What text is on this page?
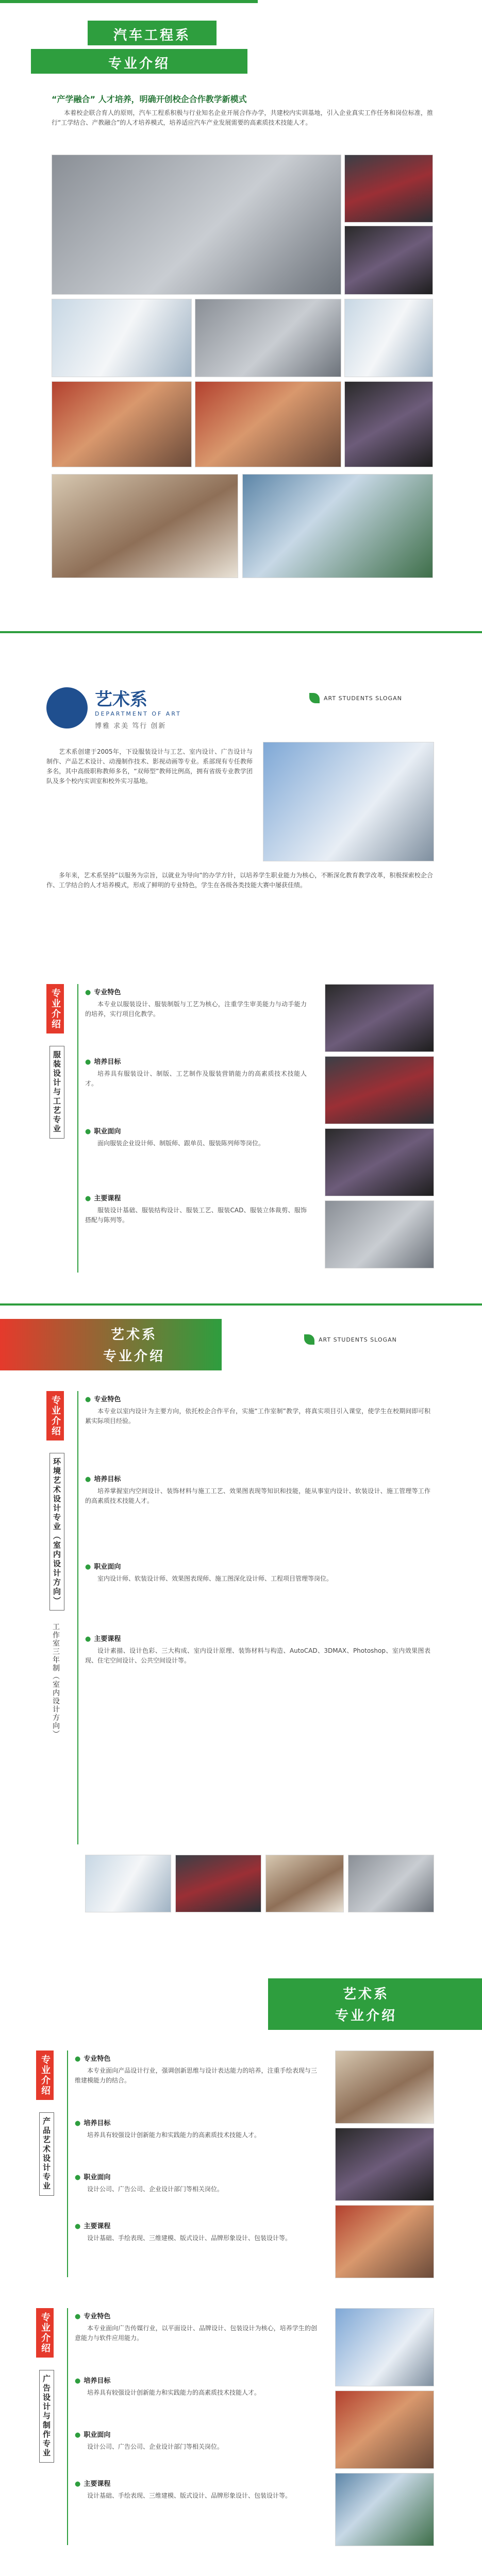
汽车工程系
专业介绍
“产学融合” 人才培养，明确开创校企合作教学新模式
本着校企联合育人的原则，汽车工程系积极与行业知名企业开展合作办学，共建校内实训基地，引入企业真实工作任务和岗位标准，推行“工学结合、产教融合”的人才培养模式，培养适应汽车产业发展需要的高素质技术技能人才。
艺术系
DEPARTMENT OF ART
博雅 求美 笃行 创新
ART STUDENTS SLOGAN
艺术系创建于2005年，下设服装设计与工艺、室内设计、广告设计与制作、产品艺术设计、动漫制作技术、影视动画等专业。系部现有专任教师多名，其中高级职称教师多名，“双师型”教师比例高，拥有省级专业教学团队及多个校内实训室和校外实习基地。
多年来，艺术系坚持“以服务为宗旨，以就业为导向”的办学方针，以培养学生职业能力为核心，不断深化教育教学改革，积极探索校企合作、工学结合的人才培养模式，形成了鲜明的专业特色，学生在各级各类技能大赛中屡获佳绩。
专业介绍
服装设计与工艺专业
● 专业特色
本专业以服装设计、服装制版与工艺为核心，注重学生审美能力与动手能力的培养，实行项目化教学。
● 培养目标
培养具有服装设计、制版、工艺制作及服装营销能力的高素质技术技能人才。
● 职业面向
面向服装企业设计师、制版师、跟单员、服装陈列师等岗位。
● 主要课程
服装设计基础、服装结构设计、服装工艺、服装CAD、服装立体裁剪、服饰搭配与陈列等。
艺术系
专业介绍
ART STUDENTS SLOGAN
专业介绍
环境艺术设计专业（室内设计方向）
工作室三年制（室内设计方向）
● 专业特色
本专业以室内设计为主要方向，依托校企合作平台，实施“工作室制”教学，将真实项目引入课堂，使学生在校期间即可积累实际项目经验。
● 培养目标
培养掌握室内空间设计、装饰材料与施工工艺、效果图表现等知识和技能，能从事室内设计、软装设计、施工管理等工作的高素质技术技能人才。
● 职业面向
室内设计师、软装设计师、效果图表现师、施工图深化设计师、工程项目管理等岗位。
● 主要课程
设计素描、设计色彩、三大构成、室内设计原理、装饰材料与构造、AutoCAD、3DMAX、Photoshop、室内效果图表现、住宅空间设计、公共空间设计等。
艺术系
专业介绍
专业介绍
产品艺术设计专业
● 专业特色
本专业面向产品设计行业，强调创新思维与设计表达能力的培养，注重手绘表现与三维建模能力的结合。
● 培养目标
培养具有较强设计创新能力和实践能力的高素质技术技能人才。
● 职业面向
设计公司、广告公司、企业设计部门等相关岗位。
● 主要课程
设计基础、手绘表现、三维建模、版式设计、品牌形象设计、包装设计等。
专业介绍
广告设计与制作专业
● 专业特色
本专业面向广告传媒行业，以平面设计、品牌设计、包装设计为核心，培养学生的创意能力与软件应用能力。
● 培养目标
培养具有较强设计创新能力和实践能力的高素质技术技能人才。
● 职业面向
设计公司、广告公司、企业设计部门等相关岗位。
● 主要课程
设计基础、手绘表现、三维建模、版式设计、品牌形象设计、包装设计等。
